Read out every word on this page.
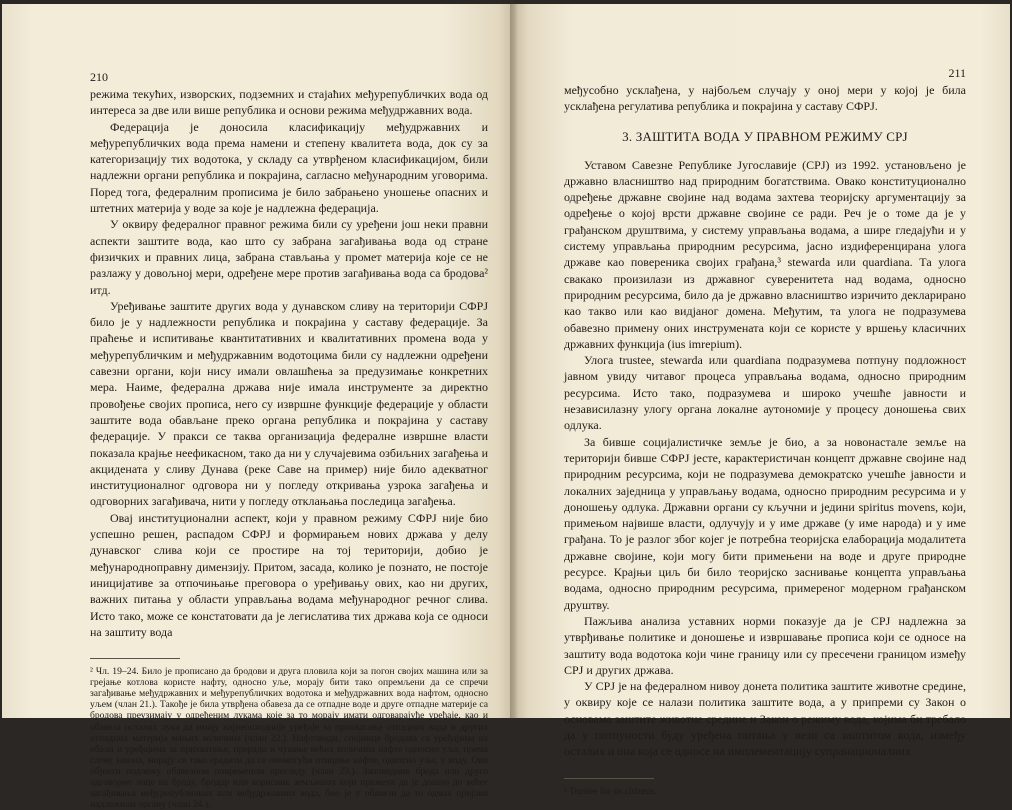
210

режима текућих, изворских, подземних и стајаћих међурепубличких вода од интереса за две или више република и основи режима међудржавних вода.

Федерација је доносила класификацију међудржавних и међурепубличких вода према намени и степену квалитета вода, док су за категоризацију тих водотока, у складу са утврђеном класификацијом, били надлежни органи република и покрајина, сагласно међународним уговорима. Поред тога, федералним прописима је било забрањено уношење опасних и штетних материја у воде за које је надлежна федерација.

У оквиру федералног правног режима били су уређени још неки правни аспекти заштите вода, као што су забрана загађивања вода од стране физичких и правних лица, забрана стављања у промет материја које се не разлажу у довољној мери, одређене мере против загађивања вода са бродова² итд.

Уређивање заштите других вода у дунавском сливу на територији СФРЈ било је у надлежности република и покрајина у саставу федерације. За праћење и испитивање квантитативних и квалитативних промена вода у међурепубличким и међудржавним водотоцима били су надлежни одређени савезни органи, који нису имали овлашћења за предузимање конкретних мера. Наиме, федерална држава није имала инструменте за директно провођење својих прописа, него су извршне функције федерације у области заштите вода обављане преко органа република и покрајина у саставу федерације. У пракси се таква организација федералне извршне власти показала крајње неефикасном, тако да ни у случајевима озбиљних загађења и акцидената у сливу Дунава (реке Саве на пример) није било адекватног институционалног одговора ни у погледу откривања узрока загађења и одговорних загађивача, нити у погледу отклањања последица загађења.

Овај институционални аспект, који у правном режиму СФРЈ није био успешно решен, распадом СФРЈ и формирањем нових држава у делу дунавског слива који се простире на тој територији, добио је међународноправну димензију. Притом, засада, колико је познато, не постоје иницијативе за отпочињање преговора о уређивању ових, као ни других, важних питања у области управљања водама међународног речног слива. Исто тако, може се констатовати да је легислатива тих држава која се односи на заштиту вода

² Чл. 19–24. Било је прописано да бродови и друга пловила који за погон својих машина или за грејање котлова користе нафту, односно уље, морају бити тако опремљени да се спречи загађивање међудржавних и међурепубличких водотока и међудржавних вода нафтом, односно уљем (члан 21.). Такође је била утврђена обавеза да се отпадне воде и друге отпадне материје са бродова преузимају у одређеним лукама које за то морају имати одговарајуће уређаје, као и обавеза осталих лука да имају најнеопходније уређаје за прихватање отпадних вода и других отпадних материја мањих количина (члан 22.). Нафтоводи, спојнице бродова са уређајима на обали и уређајима за прихватање, преради и чување већих количина нафте односно уља, према слову закона, морају се тако градити да се онемогући отицање нафте, односно уља, у воду. Ови објекти подлежу обавезном повременом прегледу (члан 23.). Заповедник брода или друго одговорно лице на броду, бродар или корисник земљишта који примети да је дошло до већег загађивања међурепубличких или међудржавних вода, био је у обавези да то одмах пријави надлежном органу (члан 24.).
211

међусобно усклађена, у најбољем случају у оној мери у којој је била усклађена регулатива република и покрајина у саставу СФРЈ.

3. ЗАШТИТА ВОДА У ПРАВНОМ РЕЖИМУ СРЈ

Уставом Савезне Републике Југославије (СРЈ) из 1992. установљено је државно власништво над природним богатствима. Овако конституционално одређење државне својине над водама захтева теоријску аргументацију за одређење о којој врсти државне својине се ради. Реч је о томе да је у грађанском друштвима, у систему управљања водама, а шире гледајући и у систему управљања природним ресурсима, јасно издиференцирана улога државе као повереника својих грађана,³ stewardа или quardiana. Та улога свакако произилази из државног суверенитета над водама, односно природним ресурсима, било да је државно власништво изричито декларирано као такво или као видјаног домена. Међутим, та улога не подразумева обавезно примену оних инструмената који се користе у вршењу класичних државних функција (ius imrepium).

Улога trustee, stewardа или quardiana подразумева потпуну подложност јавном увиду читавог процеса управљања водама, односно природним ресурсима. Исто тако, подразумева и широко учешће јавности и независилазну улогу органа локалне аутономије у процесу доношења свих одлука.

За бивше социјалистичке земље је био, а за новонастале земље на територији бивше СФРЈ јесте, карактеристичан концепт државне својине над природним ресурсима, који не подразумева демократско учешће јавности и локалних заједница у управљању водама, односно природним ресурсима и у доношењу одлука. Државни органи су кључни и једини spiritus movens, који, примењом највише власти, одлучују и у име државе (у име народа) и у име грађана. То је разлог због којег је потребна теоријска елаборација модалитета државне својине, који могу бити примењени на воде и друге природне ресурсе. Крајњи циљ би било теоријско заснивање концепта управљања водама, односно природним ресурсима, примереног модерном грађанском друштву.

Пажљива анализа уставних норми показује да је СРЈ надлежна за утврђивање политике и доношење и извршавање прописа који се односе на заштиту вода водотока који чине границу или су пресечени границом између СРЈ и других држава.

У СРЈ је на федералном нивоу донета политика заштите животне средине, у оквиру које се налази политика заштите вода, а у припреми су Закон о основама заштите животне средине и Закон о режиму вода, којима би требало да у потпуности буду уређена питања у вези са заштитом вода, између осталих и она која се односе на имплементацију супранационалних

³ Trustee for its citizens.
